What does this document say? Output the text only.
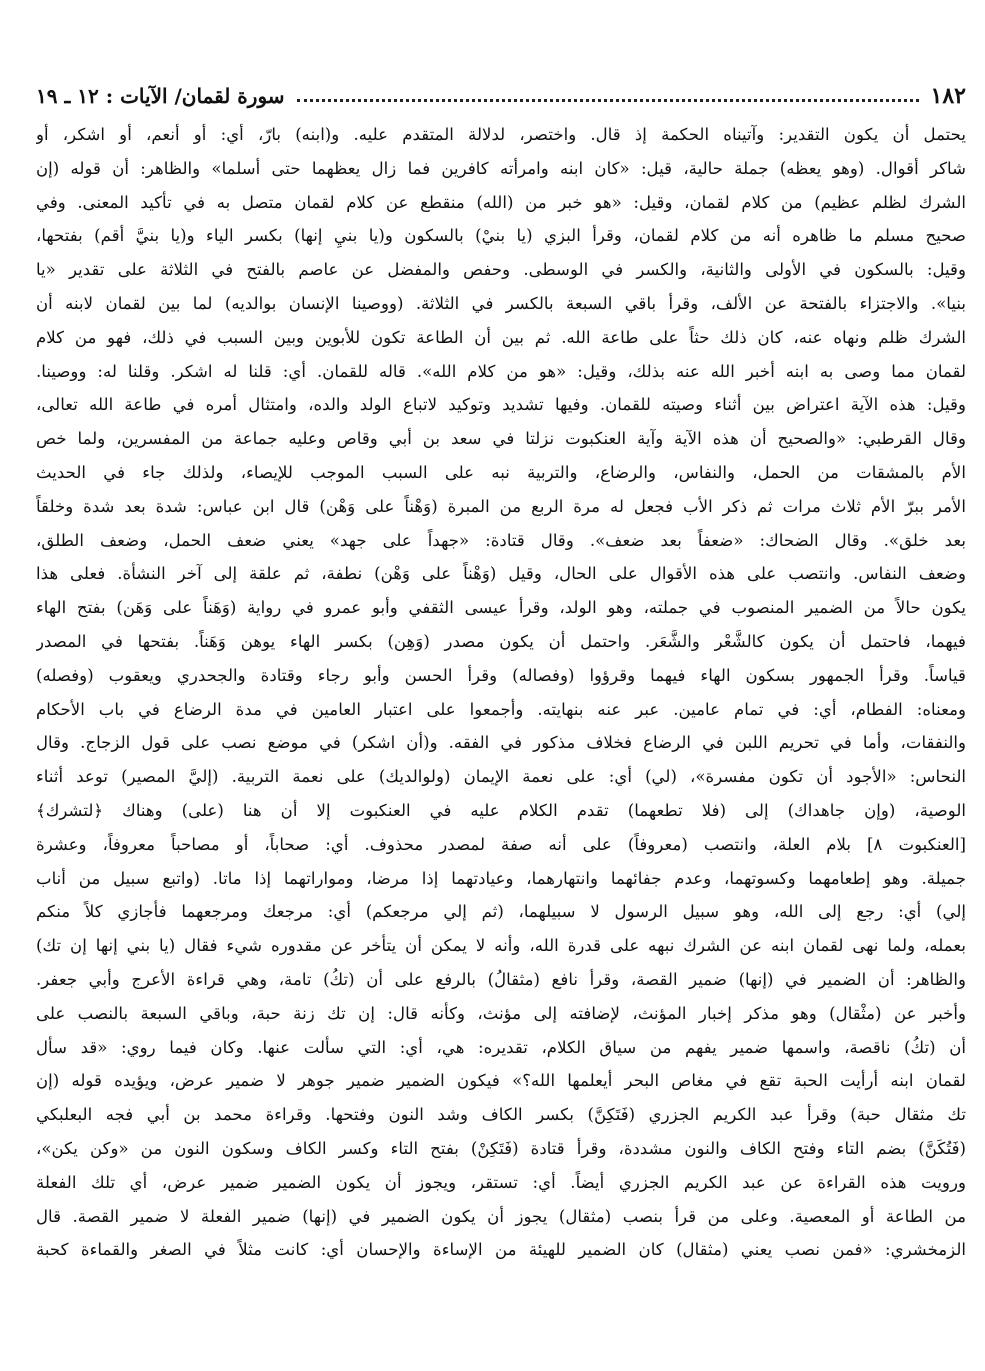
١٨٢
سورة لقمان/ الآيات : ١٢ ـ ١٩
يحتمل أن يكون التقدير: وآتيناه الحكمة إذ قال. واختصر، لدلالة المتقدم عليه. و(ابنه) بارّ، أي: أو أنعم، أو اشكر، أو
شاكر أقوال. (وهو يعظه) جملة حالية، قيل: «كان ابنه وامرأته كافرين فما زال يعظهما حتى أسلما» والظاهر: أن قوله (إن
الشرك لظلم عظيم) من كلام لقمان، وقيل: «هو خبر من (الله) منقطع عن كلام لقمان متصل به في تأكيد المعنى. وفي
صحيح مسلم ما ظاهره أنه من كلام لقمان، وقرأ البزي (يا بنيْ) بالسكون و(يا بنيِ إنها) بكسر الياء و(يا بنيَّ أقم) بفتحها،
وقيل: بالسكون في الأولى والثانية، والكسر في الوسطى. وحفص والمفضل عن عاصم بالفتح في الثلاثة على تقدير «يا
بنيا». والاجتزاء بالفتحة عن الألف، وقرأ باقي السبعة بالكسر في الثلاثة. (ووصينا الإنسان بوالديه) لما بين لقمان لابنه أن
الشرك ظلم ونهاه عنه، كان ذلك حثاً على طاعة الله. ثم بين أن الطاعة تكون للأبوين وبين السبب في ذلك، فهو من كلام
لقمان مما وصى به ابنه أخبر الله عنه بذلك، وقيل: «هو من كلام الله». قاله للقمان. أي: قلنا له اشكر. وقلنا له: ووصينا.
وقيل: هذه الآية اعتراض بين أثناء وصيته للقمان. وفيها تشديد وتوكيد لاتباع الولد والده، وامتثال أمره في طاعة الله تعالى،
وقال القرطبي: «والصحيح أن هذه الآية وآية العنكبوت نزلتا في سعد بن أبي وقاص وعليه جماعة من المفسرين، ولما خص
الأم بالمشقات من الحمل، والنفاس، والرضاع، والتربية نبه على السبب الموجب للإيصاء، ولذلك جاء في الحديث
الأمر ببرّ الأم ثلاث مرات ثم ذكر الأب فجعل له مرة الربع من المبرة (وَهْناً على وَهْن) قال ابن عباس: شدة بعد شدة وخلقاً
بعد خلق». وقال الضحاك: «ضعفاً بعد ضعف». وقال قتادة: «جهداً على جهد» يعني ضعف الحمل، وضعف الطلق،
وضعف النفاس. وانتصب على هذه الأقوال على الحال، وقيل (وَهْناً على وَهْن) نطفة، ثم علقة إلى آخر النشأة. فعلى هذا
يكون حالاً من الضمير المنصوب في جملته، وهو الولد، وقرأ عيسى الثقفي وأبو عمرو في رواية (وَهَناً على وَهَن) بفتح الهاء
فيهما، فاحتمل أن يكون كالشَّعْر والشَّعَر. واحتمل أن يكون مصدر (وَهِن) بكسر الهاء يوهن وَهَناً. بفتحها في المصدر
قياساً. وقرأ الجمهور بسكون الهاء فيهما وقرؤوا (وفصاله) وقرأ الحسن وأبو رجاء وقتادة والجحدري ويعقوب (وفصله)
ومعناه: الفطام، أي: في تمام عامين. عبر عنه بنهايته. وأجمعوا على اعتبار العامين في مدة الرضاع في باب الأحكام
والنفقات، وأما في تحريم اللبن في الرضاع فخلاف مذكور في الفقه. و(أن اشكر) في موضع نصب على قول الزجاج. وقال
النحاس: «الأجود أن تكون مفسرة»، (لي) أي: على نعمة الإيمان (ولوالديك) على نعمة التربية. (إليَّ المصير) توعد أثناء
الوصية، (وإن جاهداك) إلى (فلا تطعهما) تقدم الكلام عليه في العنكبوت إلا أن هنا (على) وهناك ﴿لتشرك﴾
[العنكبوت ٨] بلام العلة، وانتصب (معروفاً) على أنه صفة لمصدر محذوف. أي: صحاباً، أو مصاحباً معروفاً، وعشرة
جميلة. وهو إطعامهما وكسوتهما، وعدم جفائهما وانتهارهما، وعيادتهما إذا مرضا، ومواراتهما إذا ماتا. (واتبع سبيل من أناب
إلي) أي: رجع إلى الله، وهو سبيل الرسول لا سبيلهما، (ثم إلي مرجعكم) أي: مرجعك ومرجعهما فأجازي كلاً منكم
بعمله، ولما نهى لقمان ابنه عن الشرك نبهه على قدرة الله، وأنه لا يمكن أن يتأخر عن مقدوره شيء فقال (يا بني إنها إن تك)
والظاهر: أن الضمير في (إنها) ضمير القصة، وقرأ نافع (مثقالُ) بالرفع على أن (تكُ) تامة، وهي قراءة الأعرج وأبي جعفر.
وأخبر عن (مثْقال) وهو مذكر إخبار المؤنث، لإضافته إلى مؤنث، وكأنه قال: إن تك زنة حبة، وباقي السبعة بالنصب على
أن (تكُ) ناقصة، واسمها ضمير يفهم من سياق الكلام، تقديره: هي، أي: التي سألت عنها. وكان فيما روي: «قد سأل
لقمان ابنه أرأيت الحبة تقع في مغاص البحر أيعلمها الله؟» فيكون الضمير ضمير جوهر لا ضمير عرض، ويؤيده قوله (إن
تك مثقال حبة) وقرأ عبد الكريم الجزري (فَتَكِنَّ) بكسر الكاف وشد النون وفتحها. وقراءة محمد بن أبي فجه البعلبكي
(فَتُكَنَّ) بضم التاء وفتح الكاف والنون مشددة، وقرأ قتادة (فَتَكِنْ) بفتح التاء وكسر الكاف وسكون النون من «وكن يكن»،
ورويت هذه القراءة عن عبد الكريم الجزري أيضاً. أي: تستقر، ويجوز أن يكون الضمير ضمير عرض، أي تلك الفعلة
من الطاعة أو المعصية. وعلى من قرأ بنصب (مثقال) يجوز أن يكون الضمير في (إنها) ضمير الفعلة لا ضمير القصة. قال
الزمخشري: «فمن نصب يعني (مثقال) كان الضمير للهيئة من الإساءة والإحسان أي: كانت مثلاً في الصغر والقماءة كحبة
